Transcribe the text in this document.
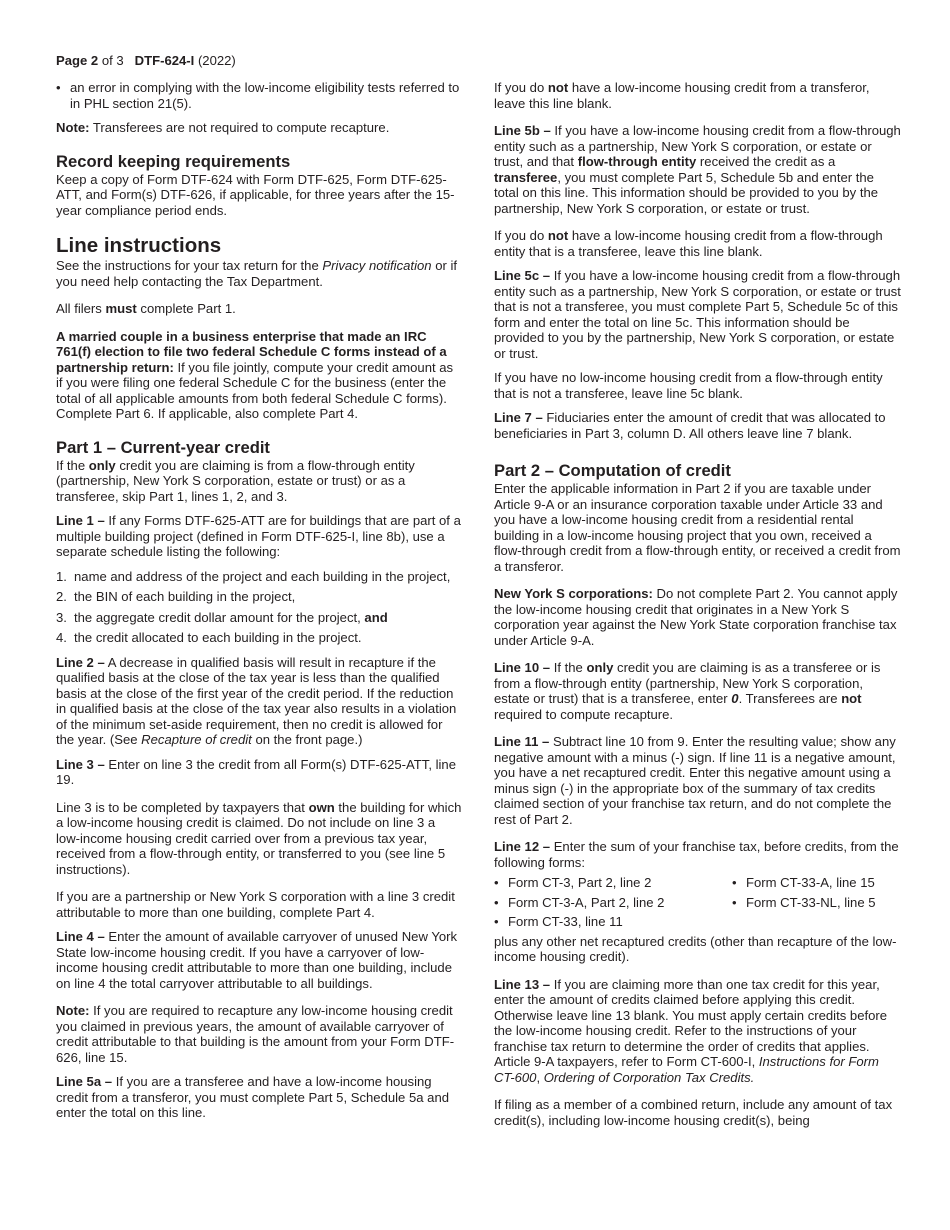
Page 2 of 3 DTF-624-I (2022)
• an error in complying with the low-income eligibility tests referred to in PHL section 21(5).

Note: Transferees are not required to compute recapture.

Record keeping requirements

Keep a copy of Form DTF-624 with Form DTF-625, Form DTF-625-ATT, and Form(s) DTF-626, if applicable, for three years after the 15-year compliance period ends.

Line instructions

See the instructions for your tax return for the Privacy notification or if you need help contacting the Tax Department.

All filers must complete Part 1.

A married couple in a business enterprise that made an IRC 761(f) election to file two federal Schedule C forms instead of a partnership return: If you file jointly, compute your credit amount as if you were filing one federal Schedule C for the business (enter the total of all applicable amounts from both federal Schedule C forms). Complete Part 6. If applicable, also complete Part 4.

Part 1 – Current-year credit

If the only credit you are claiming is from a flow-through entity (partnership, New York S corporation, estate or trust) or as a transferee, skip Part 1, lines 1, 2, and 3.

Line 1 – If any Forms DTF-625-ATT are for buildings that are part of a multiple building project (defined in Form DTF-625-I, line 8b), use a separate schedule listing the following:

1. name and address of the project and each building in the project,
2. the BIN of each building in the project,
3. the aggregate credit dollar amount for the project, and
4. the credit allocated to each building in the project.

Line 2 – A decrease in qualified basis will result in recapture if the qualified basis at the close of the tax year is less than the qualified basis at the close of the first year of the credit period. If the reduction in qualified basis at the close of the tax year also results in a violation of the minimum set-aside requirement, then no credit is allowed for the year. (See Recapture of credit on the front page.)

Line 3 – Enter on line 3 the credit from all Form(s) DTF-625-ATT, line 19.

Line 3 is to be completed by taxpayers that own the building for which a low-income housing credit is claimed. Do not include on line 3 a low-income housing credit carried over from a previous tax year, received from a flow-through entity, or transferred to you (see line 5 instructions).

If you are a partnership or New York S corporation with a line 3 credit attributable to more than one building, complete Part 4.

Line 4 – Enter the amount of available carryover of unused New York State low-income housing credit. If you have a carryover of low-income housing credit attributable to more than one building, include on line 4 the total carryover attributable to all buildings.

Note: If you are required to recapture any low-income housing credit you claimed in previous years, the amount of available carryover of credit attributable to that building is the amount from your Form DTF-626, line 15.

Line 5a – If you are a transferee and have a low-income housing credit from a transferor, you must complete Part 5, Schedule 5a and enter the total on this line.

If you do not have a low-income housing credit from a transferor, leave this line blank.

Line 5b – If you have a low-income housing credit from a flow-through entity such as a partnership, New York S corporation, or estate or trust, and that flow-through entity received the credit as a transferee, you must complete Part 5, Schedule 5b and enter the total on this line. This information should be provided to you by the partnership, New York S corporation, or estate or trust.

If you do not have a low-income housing credit from a flow-through entity that is a transferee, leave this line blank.

Line 5c – If you have a low-income housing credit from a flow-through entity such as a partnership, New York S corporation, or estate or trust that is not a transferee, you must complete Part 5, Schedule 5c of this form and enter the total on line 5c. This information should be provided to you by the partnership, New York S corporation, or estate or trust.

If you have no low-income housing credit from a flow-through entity that is not a transferee, leave line 5c blank.

Line 7 – Fiduciaries enter the amount of credit that was allocated to beneficiaries in Part 3, column D. All others leave line 7 blank.

Part 2 – Computation of credit

Enter the applicable information in Part 2 if you are taxable under Article 9-A or an insurance corporation taxable under Article 33 and you have a low-income housing credit from a residential rental building in a low-income housing project that you own, received a flow-through credit from a flow-through entity, or received a credit from a transferor.

New York S corporations: Do not complete Part 2. You cannot apply the low-income housing credit that originates in a New York S corporation year against the New York State corporation franchise tax under Article 9-A.

Line 10 – If the only credit you are claiming is as a transferee or is from a flow-through entity (partnership, New York S corporation, estate or trust) that is a transferee, enter 0. Transferees are not required to compute recapture.

Line 11 – Subtract line 10 from 9. Enter the resulting value; show any negative amount with a minus (-) sign. If line 11 is a negative amount, you have a net recaptured credit. Enter this negative amount using a minus sign (-) in the appropriate box of the summary of tax credits claimed section of your franchise tax return, and do not complete the rest of Part 2.

Line 12 – Enter the sum of your franchise tax, before credits, from the following forms:

• Form CT-3, Part 2, line 2	• Form CT-33-A, line 15
• Form CT-3-A, Part 2, line 2	• Form CT-33-NL, line 5
• Form CT-33, line 11

plus any other net recaptured credits (other than recapture of the low-income housing credit).

Line 13 – If you are claiming more than one tax credit for this year, enter the amount of credits claimed before applying this credit. Otherwise leave line 13 blank. You must apply certain credits before the low-income housing credit. Refer to the instructions of your franchise tax return to determine the order of credits that applies. Article 9-A taxpayers, refer to Form CT-600-I, Instructions for Form CT-600, Ordering of Corporation Tax Credits.

If filing as a member of a combined return, include any amount of tax credit(s), including low-income housing credit(s), being
